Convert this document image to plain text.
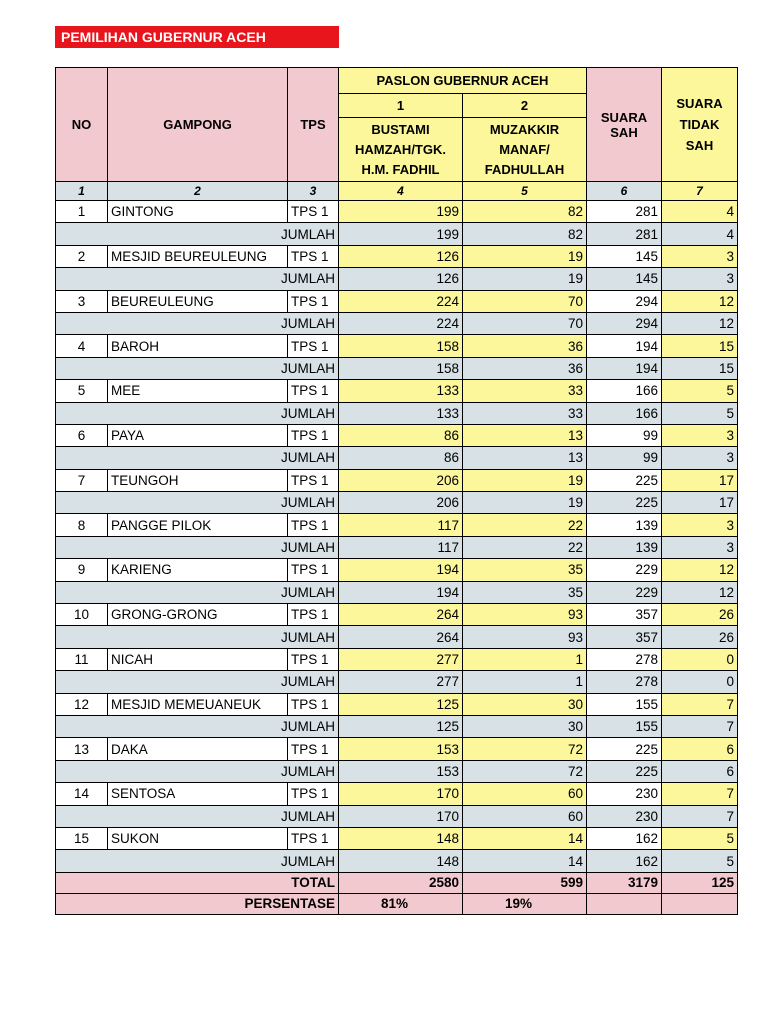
PEMILIHAN GUBERNUR ACEH
NO	GAMPONG	TPS	PASLON GUBERNUR ACEH		SUARA SAH	SUARA TIDAK SAH
			1	2		
			BUSTAMI HAMZAH/TGK. H.M. FADHIL	MUZAKKIR MANAF/ FADHULLAH		
1	2	3	4	5	6	7
1	GINTONG	TPS 1	199	82	281	4
JUMLAH			199	82	281	4
2	MESJID BEUREULEUNG	TPS 1	126	19	145	3
JUMLAH			126	19	145	3
3	BEUREULEUNG	TPS 1	224	70	294	12
JUMLAH			224	70	294	12
4	BAROH	TPS 1	158	36	194	15
JUMLAH			158	36	194	15
5	MEE	TPS 1	133	33	166	5
JUMLAH			133	33	166	5
6	PAYA	TPS 1	86	13	99	3
JUMLAH			86	13	99	3
7	TEUNGOH	TPS 1	206	19	225	17
JUMLAH			206	19	225	17
8	PANGGE PILOK	TPS 1	117	22	139	3
JUMLAH			117	22	139	3
9	KARIENG	TPS 1	194	35	229	12
JUMLAH			194	35	229	12
10	GRONG-GRONG	TPS 1	264	93	357	26
JUMLAH			264	93	357	26
11	NICAH	TPS 1	277	1	278	0
JUMLAH			277	1	278	0
12	MESJID MEMEUANEUK	TPS 1	125	30	155	7
JUMLAH			125	30	155	7
13	DAKA	TPS 1	153	72	225	6
JUMLAH			153	72	225	6
14	SENTOSA	TPS 1	170	60	230	7
JUMLAH			170	60	230	7
15	SUKON	TPS 1	148	14	162	5
JUMLAH			148	14	162	5
TOTAL			2580	599	3179	125
PERSENTASE			81%	19%		
